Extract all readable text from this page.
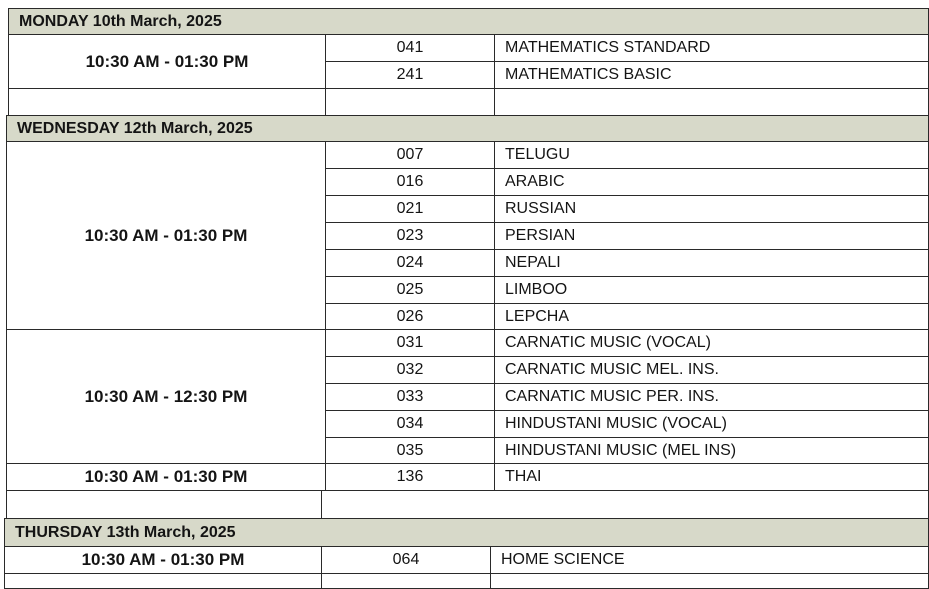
MONDAY 10th March, 2025
10:30 AM - 01:30 PM
041	MATHEMATICS STANDARD
241	MATHEMATICS BASIC
WEDNESDAY 12th March, 2025
10:30 AM - 01:30 PM
007	TELUGU
016	ARABIC
021	RUSSIAN
023	PERSIAN
024	NEPALI
025	LIMBOO
026	LEPCHA
10:30 AM - 12:30 PM
031	CARNATIC MUSIC (VOCAL)
032	CARNATIC MUSIC MEL. INS.
033	CARNATIC MUSIC PER. INS.
034	HINDUSTANI MUSIC (VOCAL)
035	HINDUSTANI MUSIC (MEL INS)
10:30 AM - 01:30 PM	136	THAI
THURSDAY 13th March, 2025
10:30 AM - 01:30 PM	064	HOME SCIENCE
